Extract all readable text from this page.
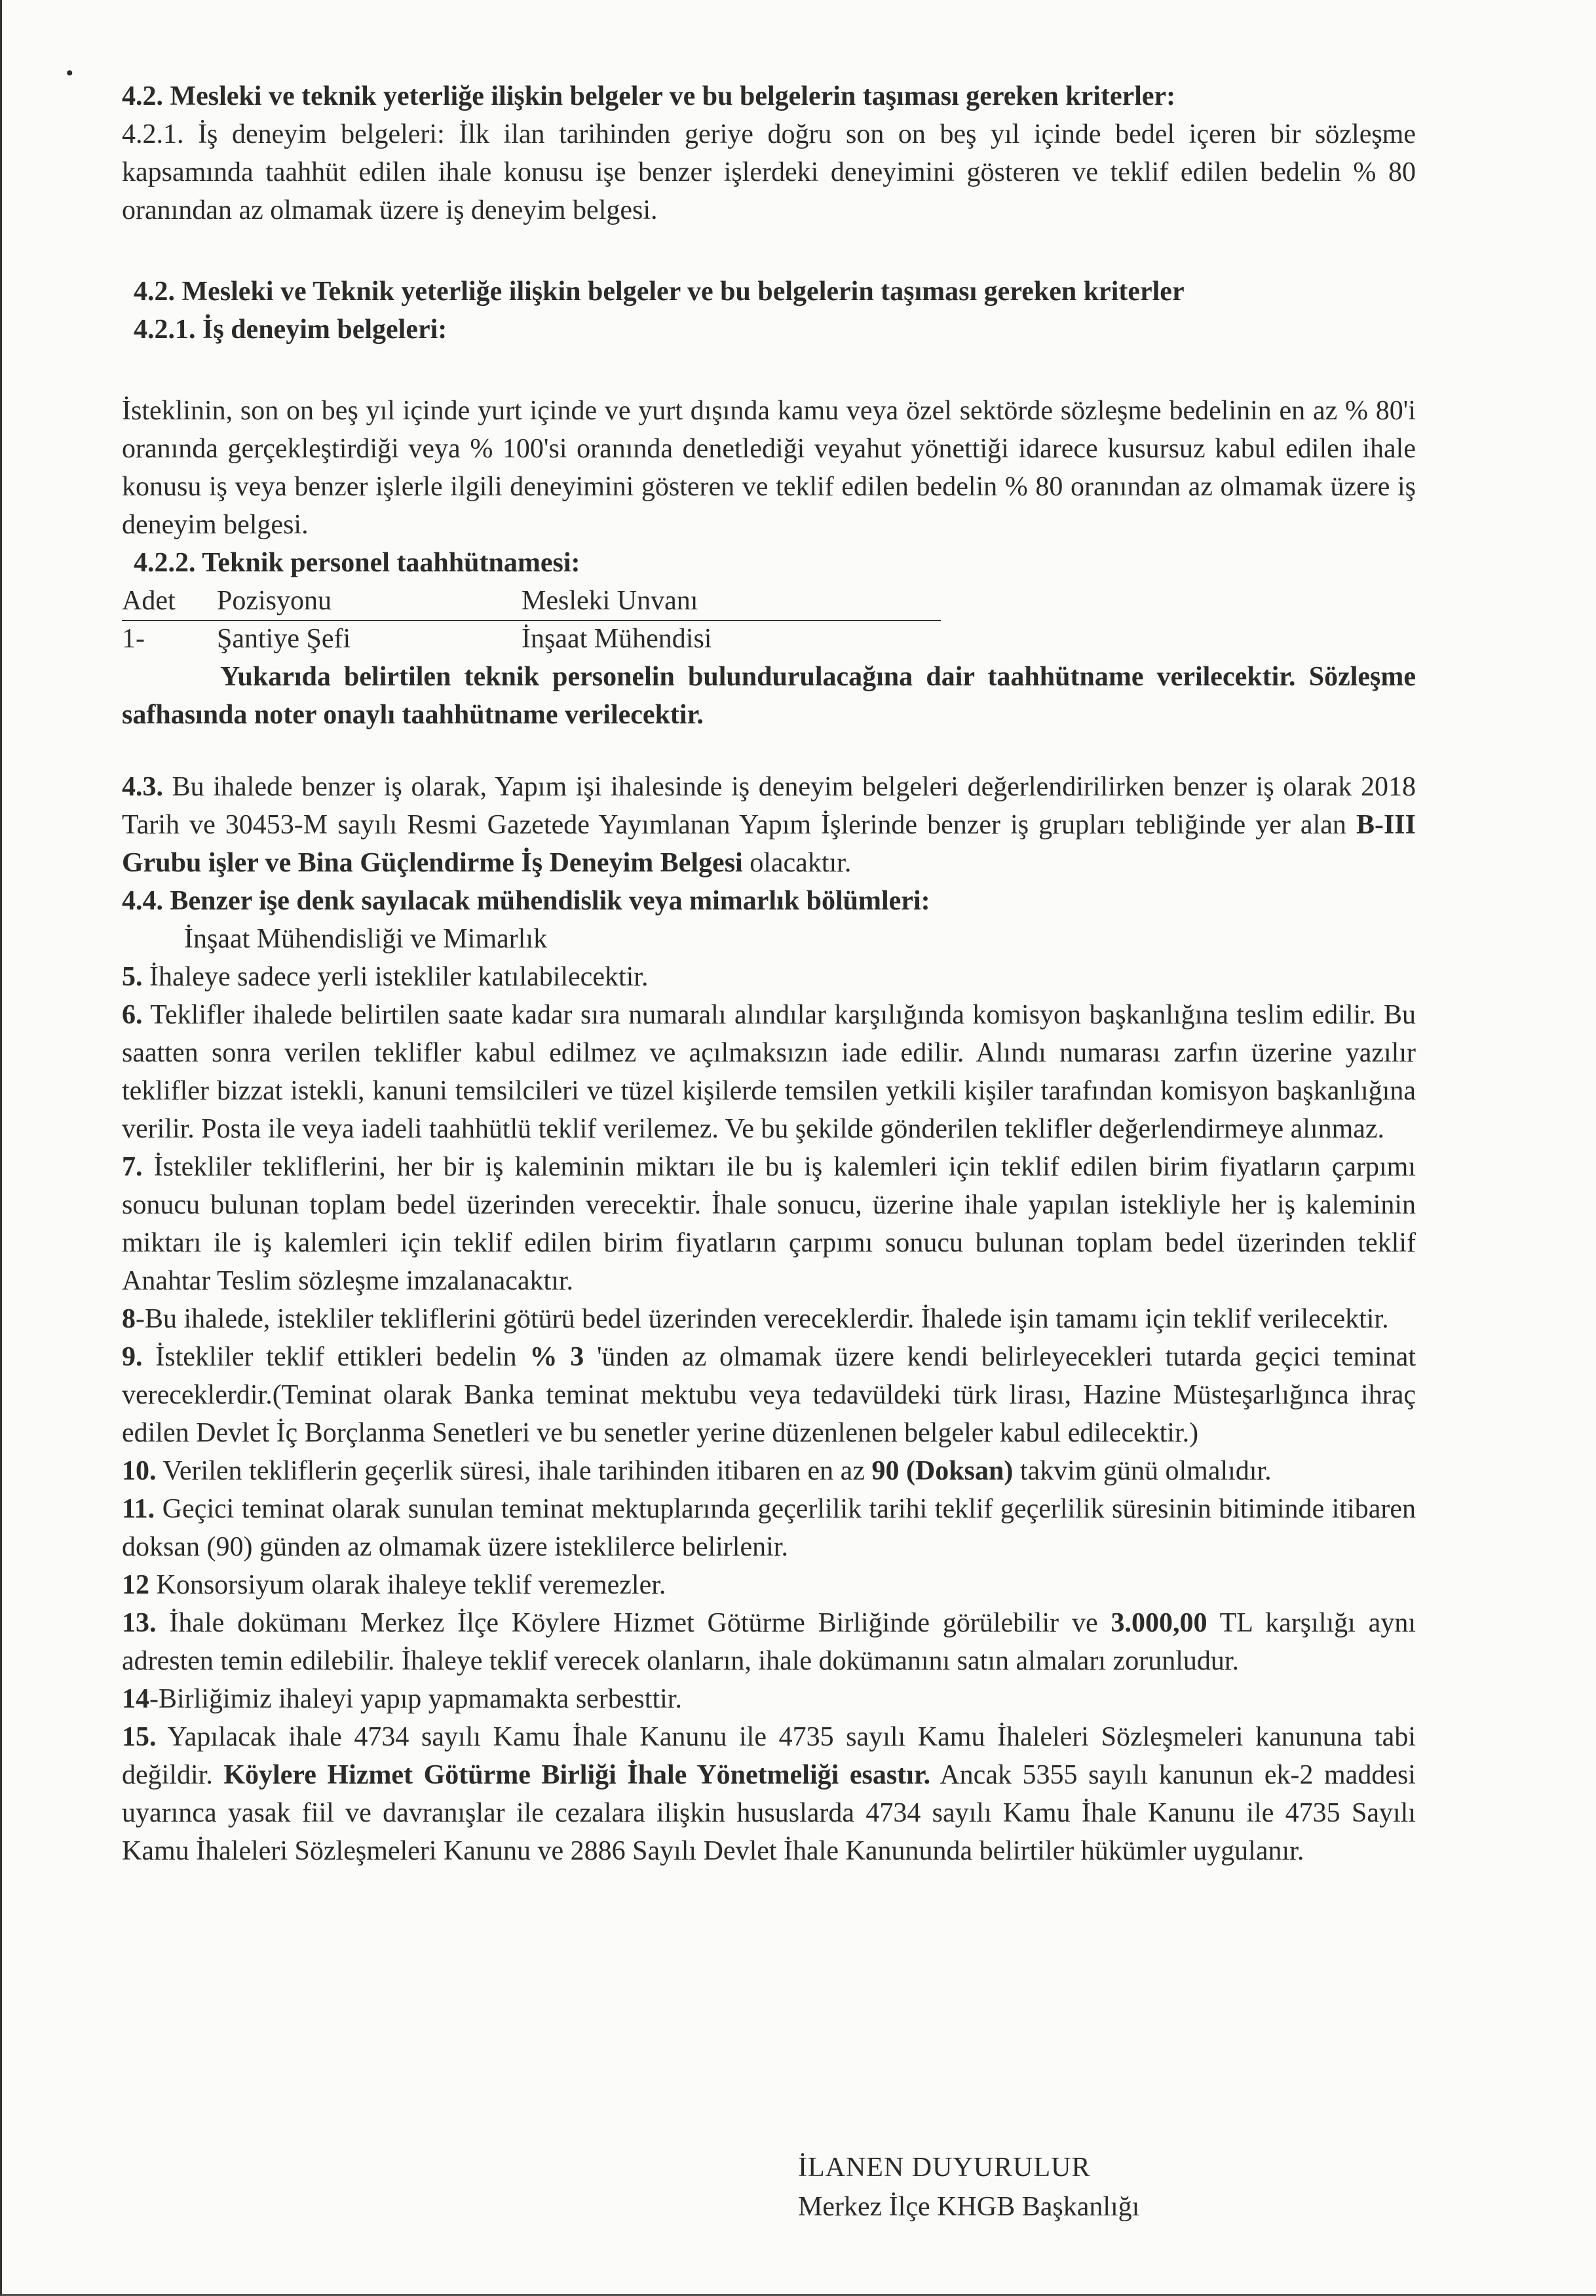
•

4.2. Mesleki ve teknik yeterliğe ilişkin belgeler ve bu belgelerin taşıması gereken kriterler:

4.2.1. İş deneyim belgeleri: İlk ilan tarihinden geriye doğru son on beş yıl içinde bedel içeren bir sözleşme kapsamında taahhüt edilen ihale konusu işe benzer işlerdeki deneyimini gösteren ve teklif edilen bedelin % 80 oranından az olmamak üzere iş deneyim belgesi.

4.2. Mesleki ve Teknik yeterliğe ilişkin belgeler ve bu belgelerin taşıması gereken kriterler

4.2.1. İş deneyim belgeleri:

İsteklinin, son on beş yıl içinde yurt içinde ve yurt dışında kamu veya özel sektörde sözleşme bedelinin en az % 80'i oranında gerçekleştirdiği veya % 100'si oranında denetlediği veyahut yönettiği idarece kusursuz kabul edilen ihale konusu iş veya benzer işlerle ilgili deneyimini gösteren ve teklif edilen bedelin % 80 oranından az olmamak üzere iş deneyim belgesi.

4.2.2. Teknik personel taahhütnamesi:

Adet Pozisyonu	Mesleki Unvanı
1-	Şantiye Şefi	İnşaat Mühendisi

Yukarıda belirtilen teknik personelin bulundurulacağına dair taahhütname verilecektir. Sözleşme safhasında noter onaylı taahhütname verilecektir.

4.3. Bu ihalede benzer iş olarak, Yapım işi ihalesinde iş deneyim belgeleri değerlendirilirken benzer iş olarak 2018 Tarih ve 30453-M sayılı Resmi Gazetede Yayımlanan Yapım İşlerinde benzer iş grupları tebliğinde yer alan B-III Grubu işler ve Bina Güçlendirme İş Deneyim Belgesi olacaktır.

4.4. Benzer işe denk sayılacak mühendislik veya mimarlık bölümleri:

İnşaat Mühendisliği ve Mimarlık

5. İhaleye sadece yerli istekliler katılabilecektir.

6. Teklifler ihalede belirtilen saate kadar sıra numaralı alındılar karşılığında komisyon başkanlığına teslim edilir. Bu saatten sonra verilen teklifler kabul edilmez ve açılmaksızın iade edilir. Alındı numarası zarfın üzerine yazılır teklifler bizzat istekli, kanuni temsilcileri ve tüzel kişilerde temsilen yetkili kişiler tarafından komisyon başkanlığına verilir. Posta ile veya iadeli taahhütlü teklif verilemez. Ve bu şekilde gönderilen teklifler değerlendirmeye alınmaz.

7. İstekliler tekliflerini, her bir iş kaleminin miktarı ile bu iş kalemleri için teklif edilen birim fiyatların çarpımı sonucu bulunan toplam bedel üzerinden verecektir. İhale sonucu, üzerine ihale yapılan istekliyle her iş kaleminin miktarı ile iş kalemleri için teklif edilen birim fiyatların çarpımı sonucu bulunan toplam bedel üzerinden teklif Anahtar Teslim sözleşme imzalanacaktır.

8-Bu ihalede, istekliler tekliflerini götürü bedel üzerinden vereceklerdir. İhalede işin tamamı için teklif verilecektir.

9. İstekliler teklif ettikleri bedelin % 3 'ünden az olmamak üzere kendi belirleyecekleri tutarda geçici teminat vereceklerdir.(Teminat olarak Banka teminat mektubu veya tedavüldeki türk lirası, Hazine Müsteşarlığınca ihraç edilen Devlet İç Borçlanma Senetleri ve bu senetler yerine düzenlenen belgeler kabul edilecektir.)

10. Verilen tekliflerin geçerlik süresi, ihale tarihinden itibaren en az 90 (Doksan) takvim günü olmalıdır.

11. Geçici teminat olarak sunulan teminat mektuplarında geçerlilik tarihi teklif geçerlilik süresinin bitiminde itibaren doksan (90) günden az olmamak üzere isteklilerce belirlenir.

12 Konsorsiyum olarak ihaleye teklif veremezler.

13. İhale dokümanı Merkez İlçe Köylere Hizmet Götürme Birliğinde görülebilir ve 3.000,00 TL karşılığı aynı adresten temin edilebilir. İhaleye teklif verecek olanların, ihale dokümanını satın almaları zorunludur.

14-Birliğimiz ihaleyi yapıp yapmamakta serbesttir.

15. Yapılacak ihale 4734 sayılı Kamu İhale Kanunu ile 4735 sayılı Kamu İhaleleri Sözleşmeleri kanununa tabi değildir. Köylere Hizmet Götürme Birliği İhale Yönetmeliği esastır. Ancak 5355 sayılı kanunun ek-2 maddesi uyarınca yasak fiil ve davranışlar ile cezalara ilişkin hususlarda 4734 sayılı Kamu İhale Kanunu ile 4735 Sayılı Kamu İhaleleri Sözleşmeleri Kanunu ve 2886 Sayılı Devlet İhale Kanununda belirtiler hükümler uygulanır.

İLANEN DUYURULUR
Merkez İlçe KHGB Başkanlığı
